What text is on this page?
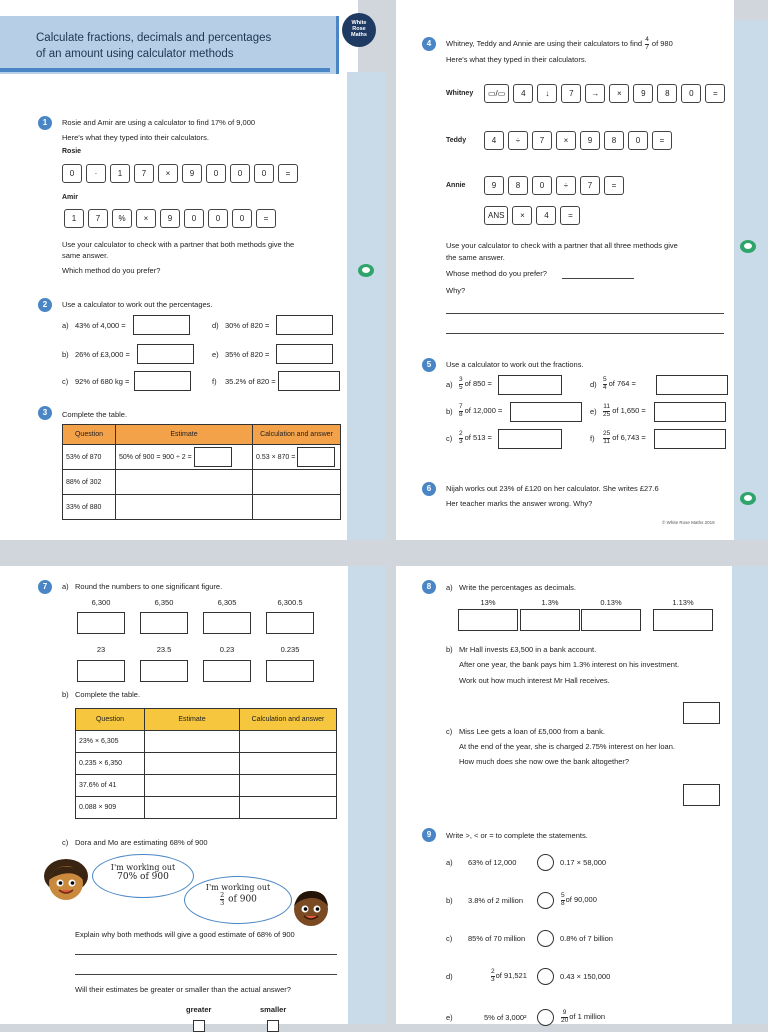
Calculate fractions, decimals and percentages
of an amount using calculator methods
White Rose Maths
1	Rosie and Amir are using a calculator to find 17% of 9,000
Here's what they typed into their calculators.
Rosie
0	·	1	7	×	9	0	0	0	=
Amir
1	7	%	×	9	0	0	0	=
Use your calculator to check with a partner that both methods give the
same answer.
Which method do you prefer?
2	Use a calculator to work out the percentages.
3	Complete the table.
Question	Estimate	Calculation and answer
53% of 870	50% of 900 = 900 ÷ 2 =	0.53 × 870 =
88% of 302		
33% of 880		
a) 43% of 4,000 =
b) 26% of £3,000 =
c) 92% of 680 kg =
d) 30% of 820 =
e) 35% of 820 =
f) 35.2% of 820 =
4	Whitney, Teddy and Annie are using their calculators to find $\frac{4}{7}$ of 980
Here's what they typed in their calculators.
Whitney	▭/▭	4	↓	7	→	×	9	8	0	=
Teddy	4	÷	7	×	9	8	0	=
Annie	9	8	0	÷	7	=
ANS	×	4	=
Use your calculator to check with a partner that all three methods give
the same answer.
Whose method do you prefer?
Why?
5	Use a calculator to work out the fractions.
6	Nijah works out 23% of £120 on her calculator. She writes £27.6
Her teacher marks the answer wrong. Why?
© White Rose Maths 2019
$a) \frac{3}{5}$ of 850 =
$b) \frac{7}{8}$ of 12,000 =
$c) \frac{2}{3}$ of 513 =
$d) \frac{5}{4}$ of 764 =
$e) \frac{11}{25}$ of 1,650 =
$f) \frac{25}{11}$ of 6,743 =
7	a) Round the numbers to one significant figure.
b) Complete the table.
Question	Estimate	Calculation and answer
23% × 6,305		
0.235 × 6,350		
37.6% of 41		
0.088 × 909		
c) Dora and Mo are estimating 68% of 900
I'm working out
70% of 900
I'm working out
$\frac{2}{3}$ of 900
Explain why both methods will give a good estimate of 68% of 900
Will their estimates be greater or smaller than the actual answer?
greater	smaller
6,300	6,350	6,305	6,300.5
23	23.5	0.23	0.235
8	a) Write the percentages as decimals.
b) Mr Hall invests £3,500 in a bank account.
After one year, the bank pays him 1.3% interest on his investment.
Work out how much interest Mr Hall receives.
c) Miss Lee gets a loan of £5,000 from a bank.
At the end of the year, she is charged 2.75% interest on her loan.
How much does she now owe the bank altogether?
9	Write >, < or = to complete the statements.
13%	1.3%	0.13%	1.13%
a) 63% of 12,000	0.17 × 58,000
b) 3.8% of 2 million	$\frac{5}{8}$ of 90,000
c) 85% of 70 million	0.8% of 7 billion
d)	$\frac{2}{3}$ of 91,521	0.43 × 150,000
e)	5% of 3,000²	$\frac{9}{20}$ of 1 million
